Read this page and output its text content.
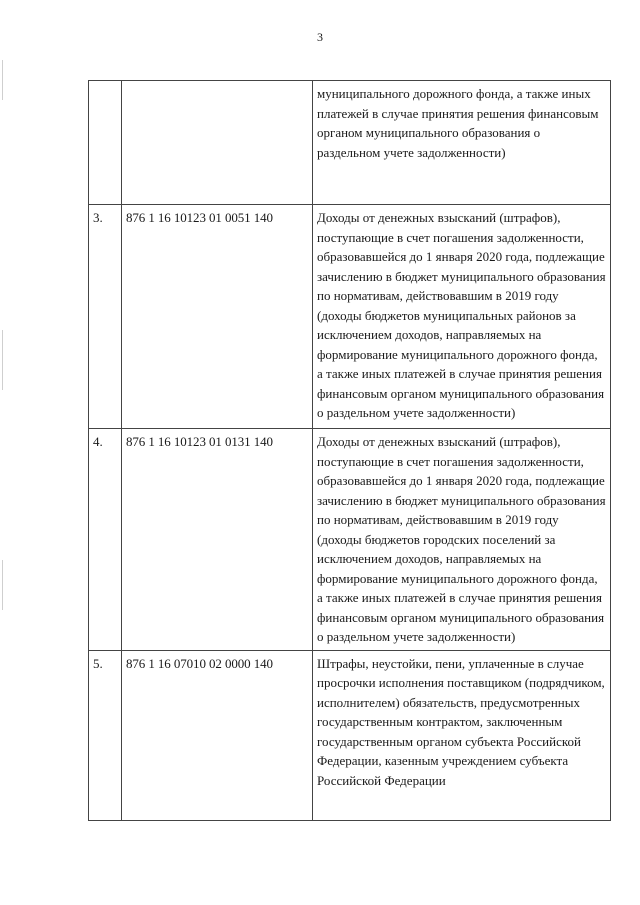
3
		муниципального дорожного фонда, а также иных платежей в случае принятия решения финансовым органом муниципального образования о раздельном учете задолженности)
3.	876 1 16 10123 01 0051 140	Доходы от денежных взысканий (штрафов), поступающие в счет погашения задолженности, образовавшейся до 1 января 2020 года, подлежащие зачислению в бюджет муниципального образования по нормативам, действовавшим в 2019 году (доходы бюджетов муниципальных районов за исключением доходов, направляемых на формирование муниципального дорожного фонда, а также иных платежей в случае принятия решения финансовым органом муниципального образования о раздельном учете задолженности)
4.	876 1 16 10123 01 0131 140	Доходы от денежных взысканий (штрафов), поступающие в счет погашения задолженности, образовавшейся до 1 января 2020 года, подлежащие зачислению в бюджет муниципального образования по нормативам, действовавшим в 2019 году (доходы бюджетов городских поселений за исключением доходов, направляемых на формирование муниципального дорожного фонда, а также иных платежей в случае принятия решения финансовым органом муниципального образования о раздельном учете задолженности)
5.	876 1 16 07010 02 0000 140	Штрафы, неустойки, пени, уплаченные в случае просрочки исполнения поставщиком (подрядчиком, исполнителем) обязательств, предусмотренных государственным контрактом, заключенным государственным органом субъекта Российской Федерации, казенным учреждением субъекта Российской Федерации
